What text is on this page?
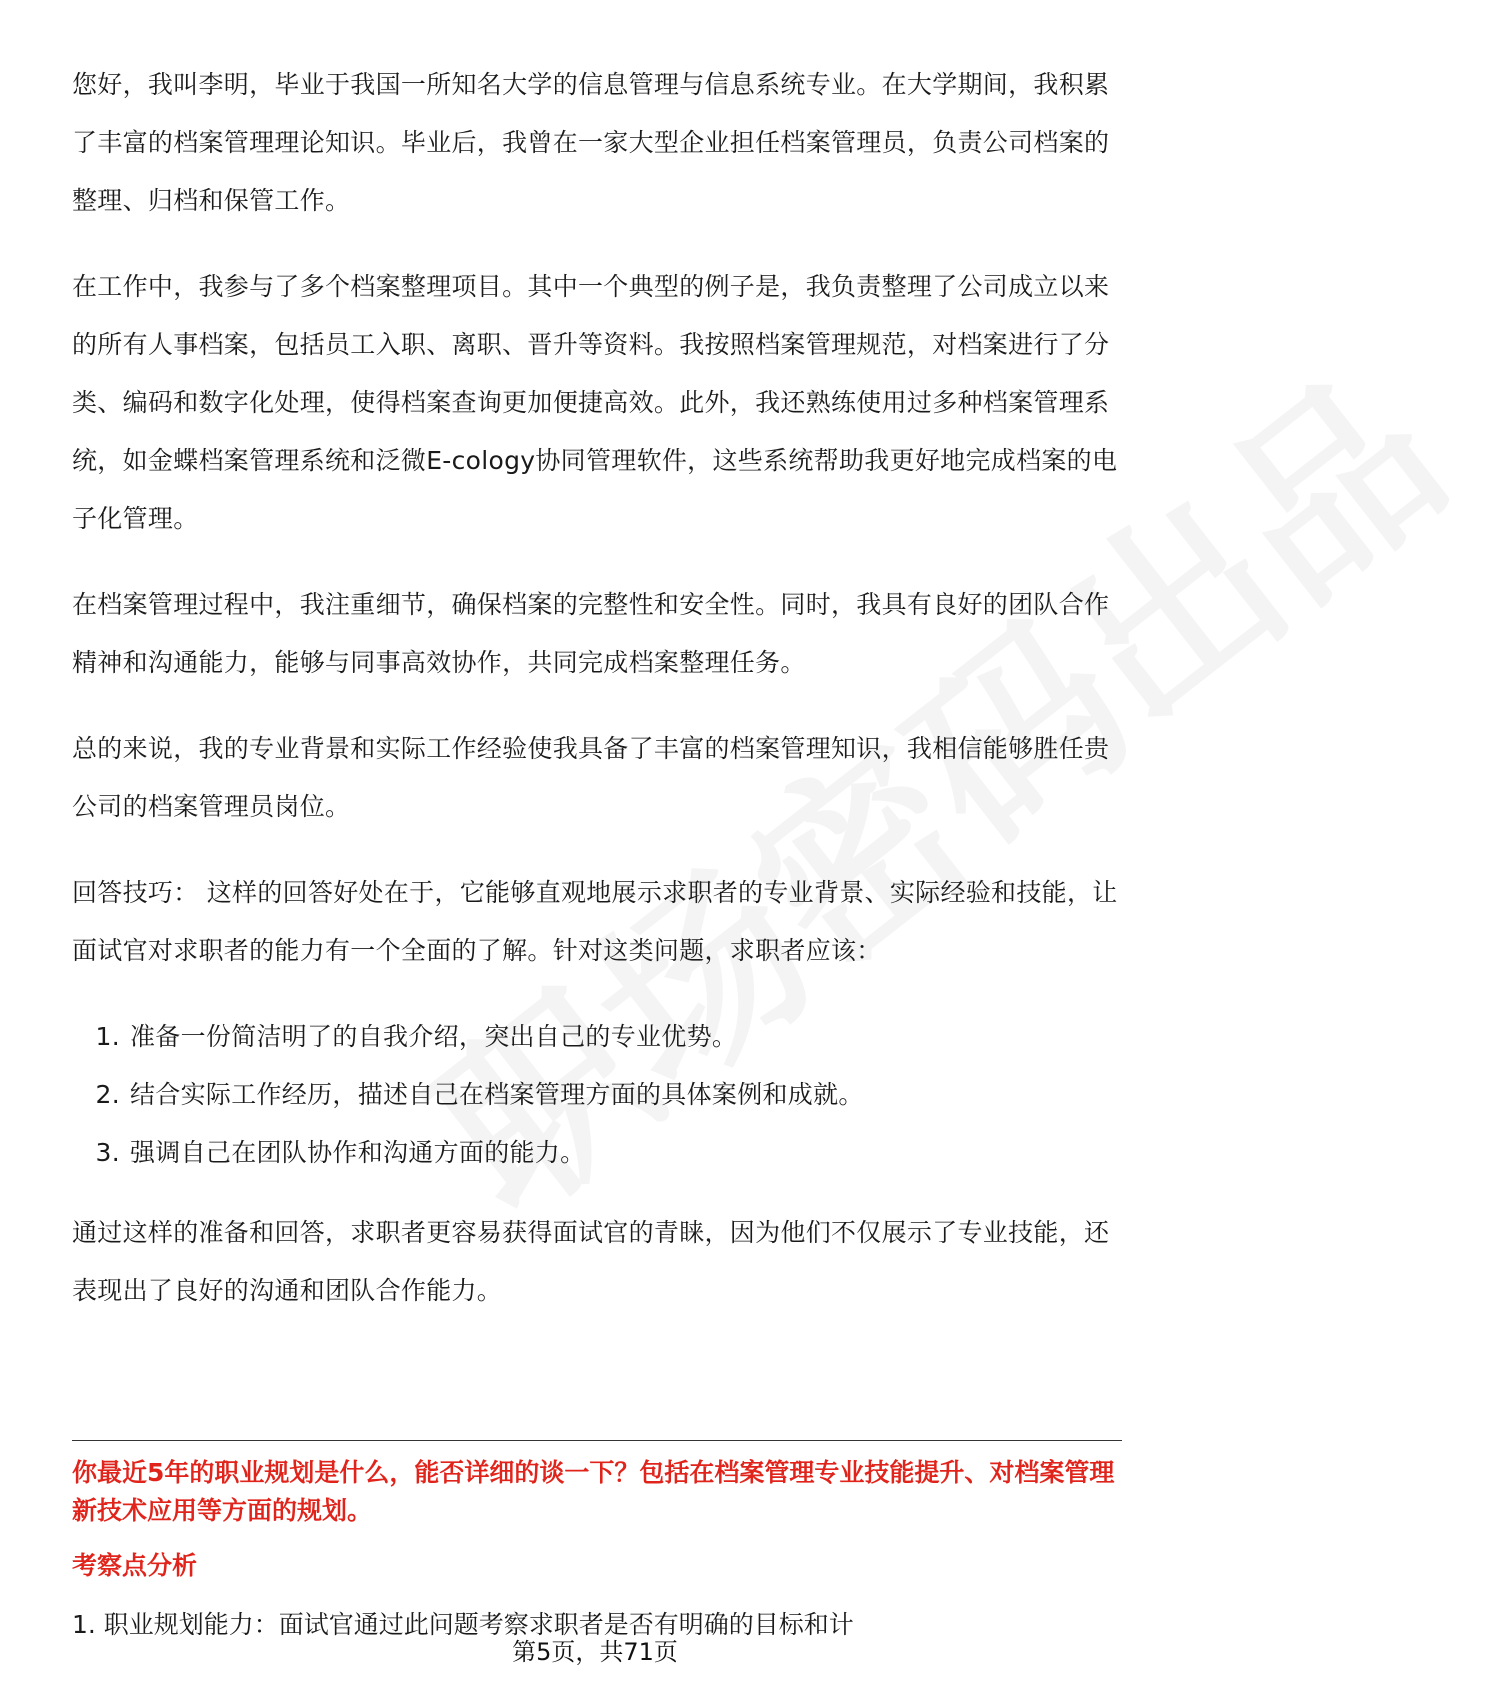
您好，我叫李明，毕业于我国一所知名大学的信息管理与信息系统专业。在大学期间，我积累了丰富的档案管理理论知识。毕业后，我曾在一家大型企业担任档案管理员，负责公司档案的整理、归档和保管工作。

在工作中，我参与了多个档案整理项目。其中一个典型的例子是，我负责整理了公司成立以来的所有人事档案，包括员工入职、离职、晋升等资料。我按照档案管理规范，对档案进行了分类、编码和数字化处理，使得档案查询更加便捷高效。此外，我还熟练使用过多种档案管理系统，如金蝶档案管理系统和泛微E-cology协同管理软件，这些系统帮助我更好地完成档案的电子化管理。

在档案管理过程中，我注重细节，确保档案的完整性和安全性。同时，我具有良好的团队合作精神和沟通能力，能够与同事高效协作，共同完成档案整理任务。

总的来说，我的专业背景和实际工作经验使我具备了丰富的档案管理知识，我相信能够胜任贵公司的档案管理员岗位。

回答技巧： 这样的回答好处在于，它能够直观地展示求职者的专业背景、实际经验和技能，让面试官对求职者的能力有一个全面的了解。针对这类问题，求职者应该：

1. 准备一份简洁明了的自我介绍，突出自己的专业优势。
2. 结合实际工作经历，描述自己在档案管理方面的具体案例和成就。
3. 强调自己在团队协作和沟通方面的能力。

通过这样的准备和回答，求职者更容易获得面试官的青睐，因为他们不仅展示了专业技能，还表现出了良好的沟通和团队合作能力。

你最近5年的职业规划是什么，能否详细的谈一下？包括在档案管理专业技能提升、对档案管理新技术应用等方面的规划。
考察点分析
1. 职业规划能力：面试官通过此问题考察求职者是否有明确的目标和计
第5页，共71页
